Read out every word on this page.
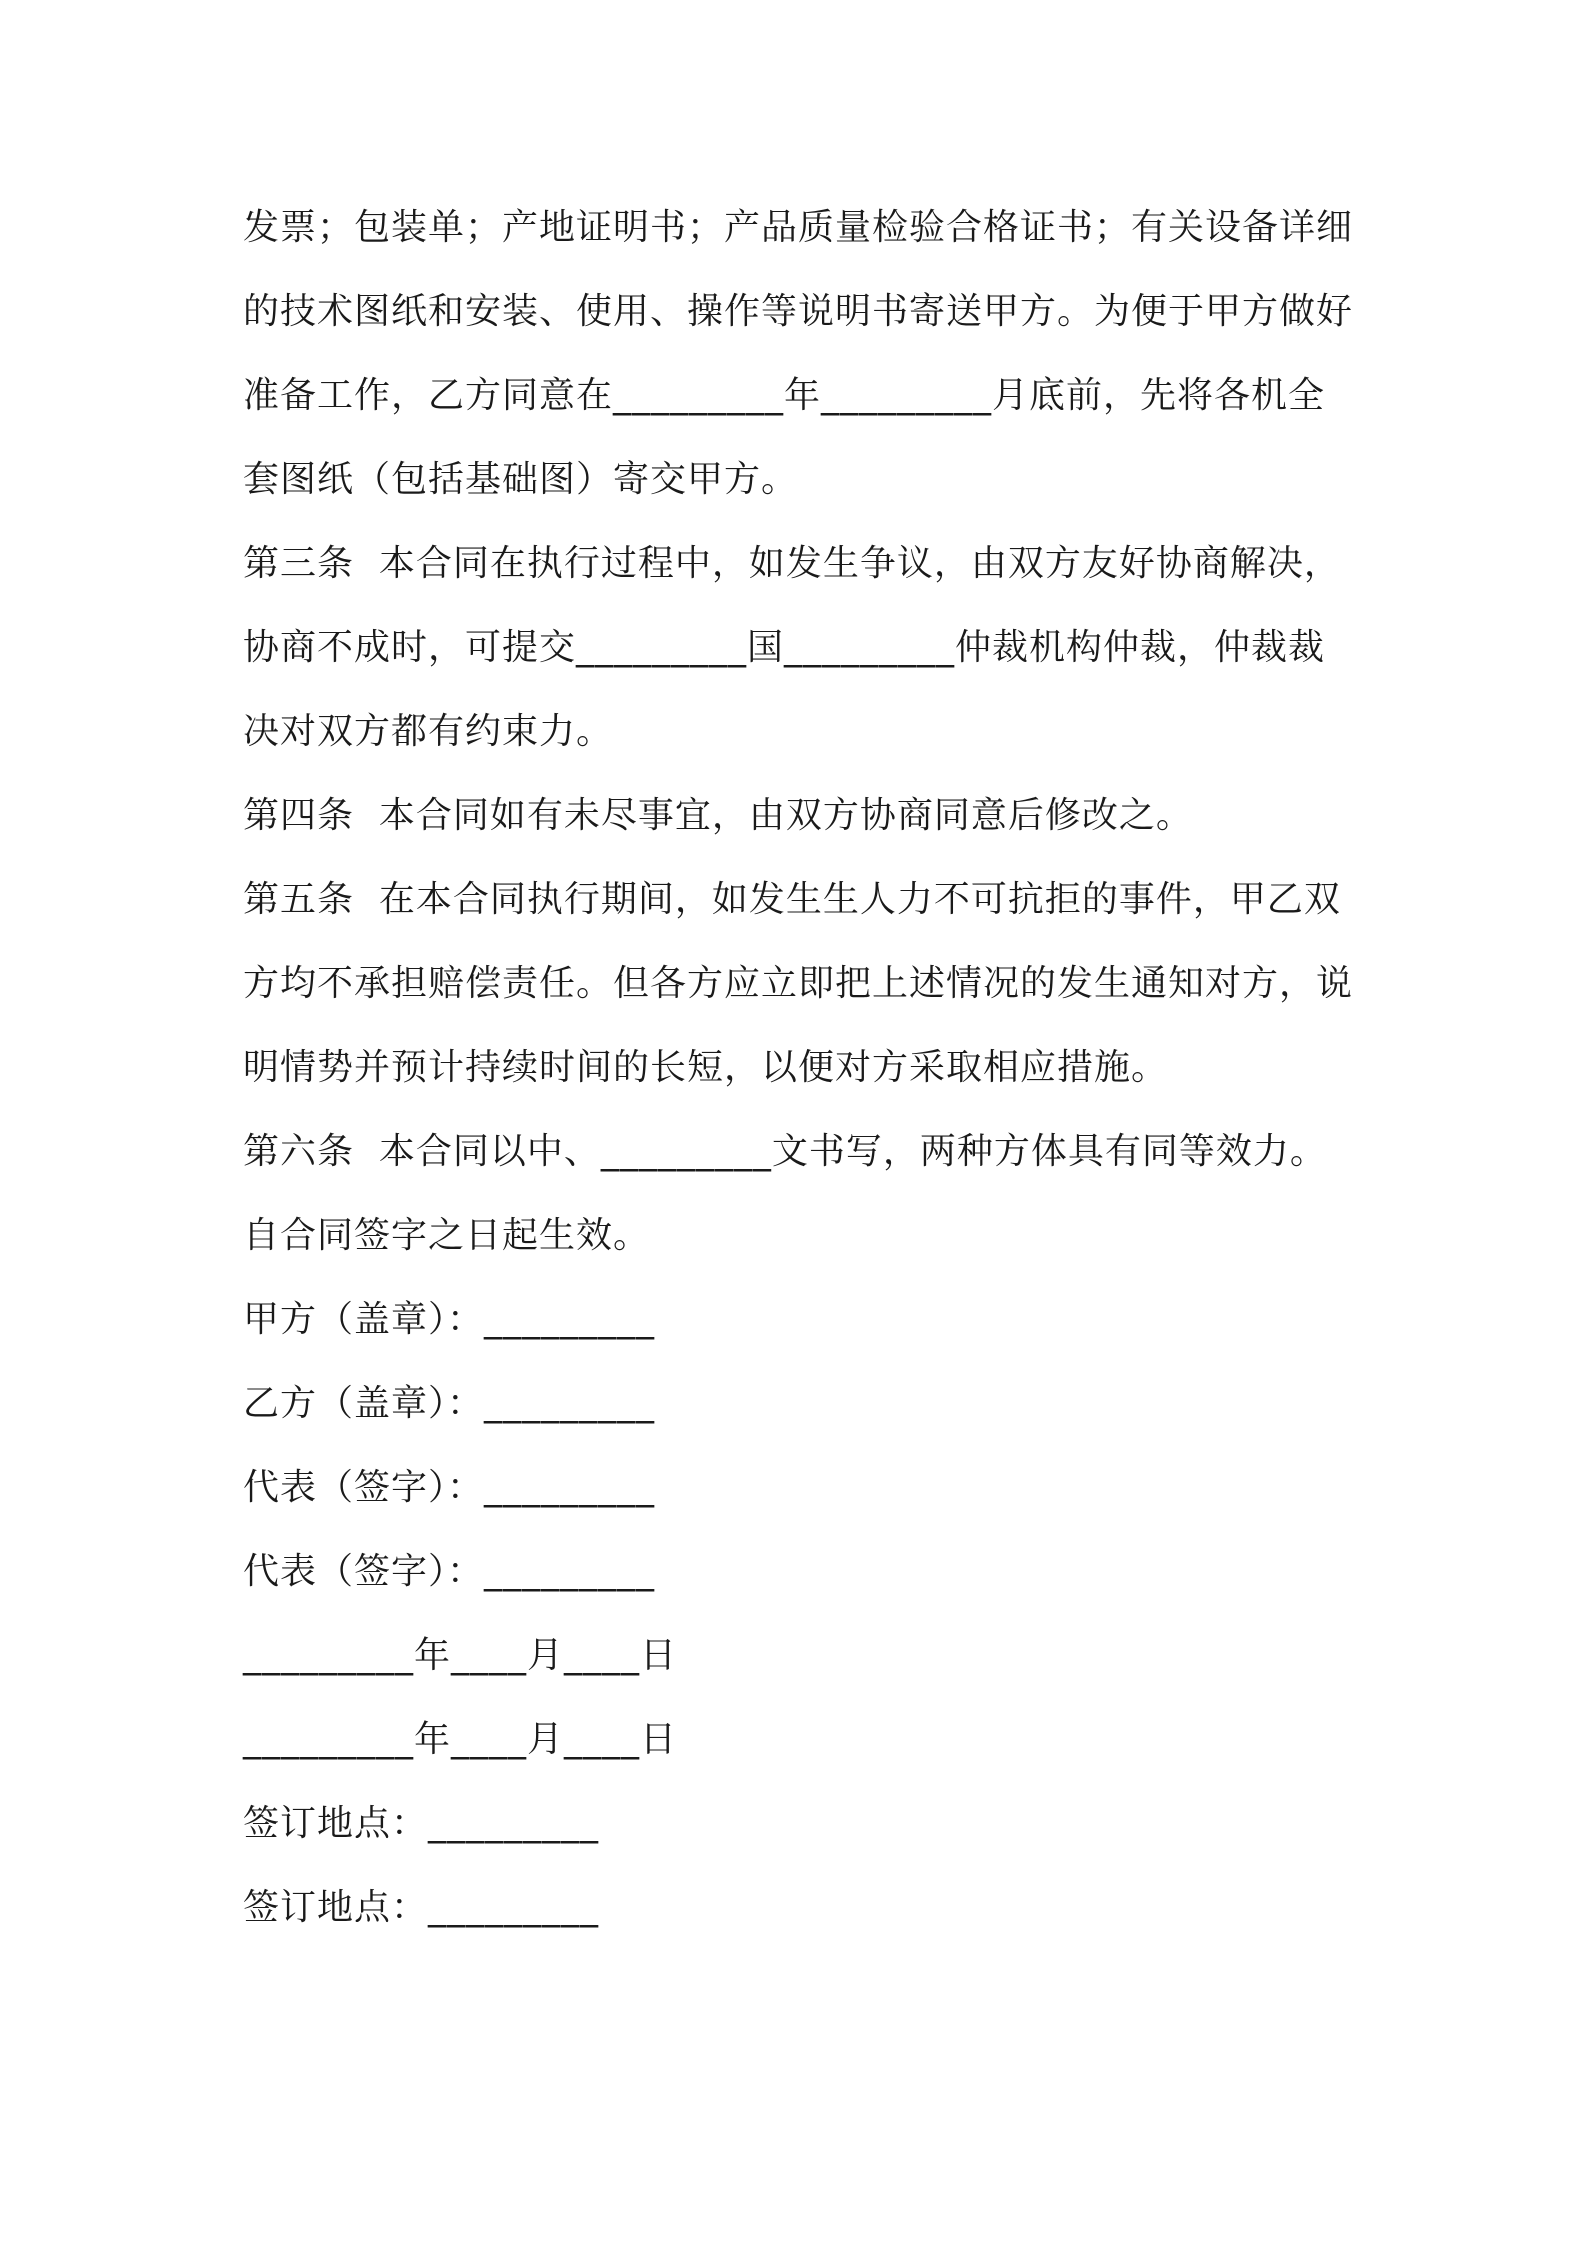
发票；包装单；产地证明书；产品质量检验合格证书；有关设备详细
的技术图纸和安装、使用、操作等说明书寄送甲方。为便于甲方做好
准备工作，乙方同意在_________年_________月底前，先将各机全
套图纸（包括基础图）寄交甲方。
第三条  本合同在执行过程中，如发生争议，由双方友好协商解决，
协商不成时，可提交_________国_________仲裁机构仲裁，仲裁裁
决对双方都有约束力。
第四条  本合同如有未尽事宜，由双方协商同意后修改之。
第五条  在本合同执行期间，如发生生人力不可抗拒的事件，甲乙双
方均不承担赔偿责任。但各方应立即把上述情况的发生通知对方，说
明情势并预计持续时间的长短，以便对方采取相应措施。
第六条  本合同以中、_________文书写，两种方体具有同等效力。
自合同签字之日起生效。
甲方（盖章）：_________
乙方（盖章）：_________
代表（签字）：_________
代表（签字）：_________
_________年____月____日
_________年____月____日
签订地点：_________
签订地点：_________
